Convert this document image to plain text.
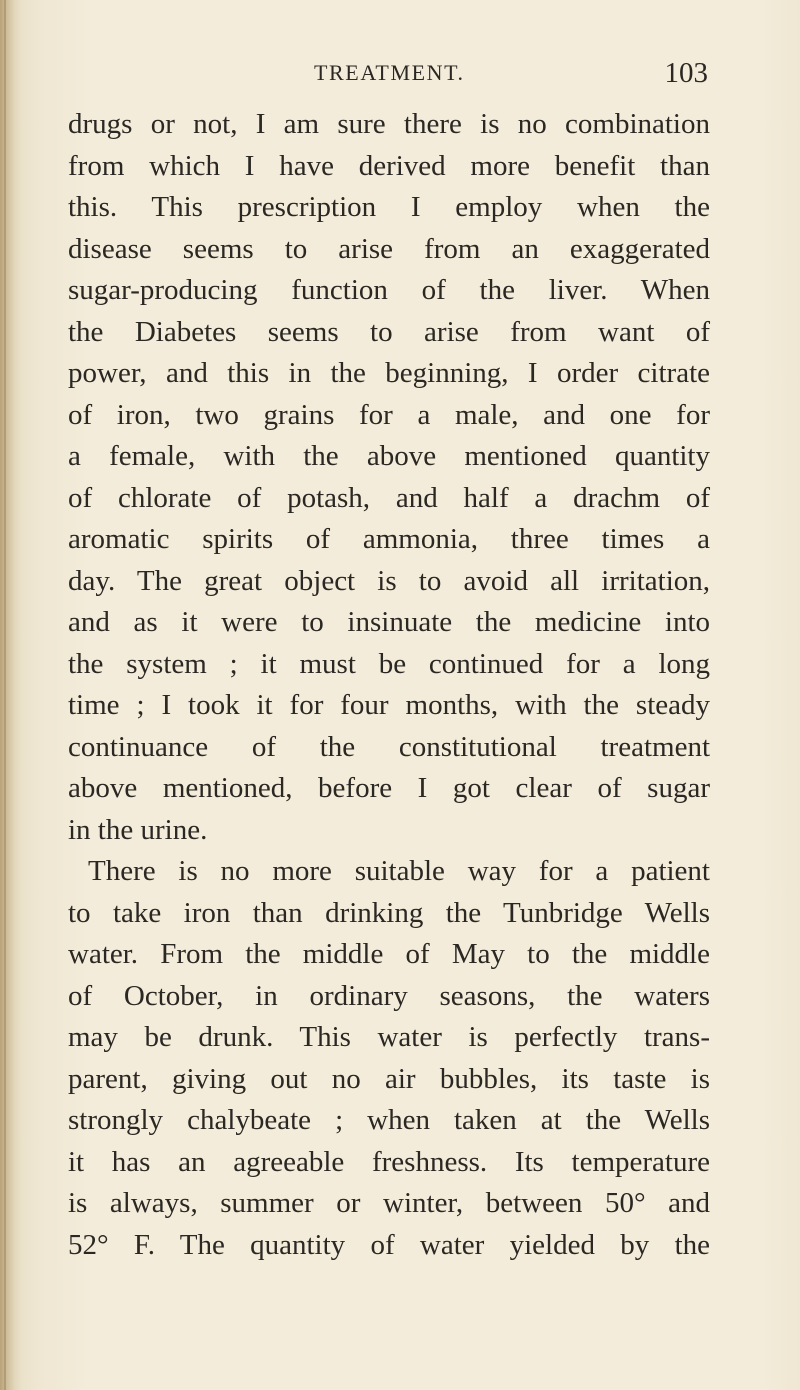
TREATMENT.	103
drugs or not, I am sure there is no combination
from which I have derived more benefit than
this. This prescription I employ when the
disease seems to arise from an exaggerated
sugar-producing function of the liver. When
the Diabetes seems to arise from want of
power, and this in the beginning, I order citrate
of iron, two grains for a male, and one for
a female, with the above mentioned quantity
of chlorate of potash, and half a drachm of
aromatic spirits of ammonia, three times a
day. The great object is to avoid all irritation,
and as it were to insinuate the medicine into
the system ; it must be continued for a long
time ; I took it for four months, with the steady
continuance of the constitutional treatment
above mentioned, before I got clear of sugar
in the urine.
There is no more suitable way for a patient
to take iron than drinking the Tunbridge Wells
water. From the middle of May to the middle
of October, in ordinary seasons, the waters
may be drunk. This water is perfectly trans-
parent, giving out no air bubbles, its taste is
strongly chalybeate ; when taken at the Wells
it has an agreeable freshness. Its temperature
is always, summer or winter, between 50° and
52° F. The quantity of water yielded by the
